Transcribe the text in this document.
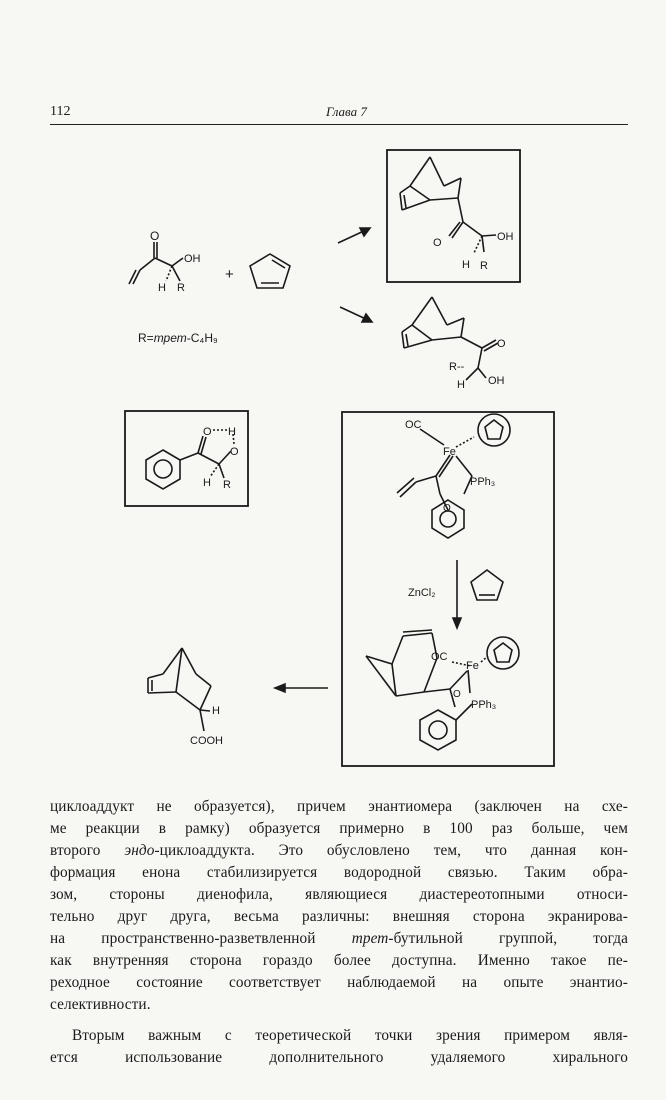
112	Глава 7
O
OH
H R
+
R=трет-C₄H₉
O	OH
H R
O
R--
H OH
O H
O
H R
OC
Fe
PPh₃
O
ZnCl₂
OC
Fe
PPh₃
O
H
COOH
циклоаддукт не образуется), причем энантиомера (заключен на схе-
ме реакции в рамку) образуется примерно в 100 раз больше, чем
второго эндо-циклоаддукта. Это обусловлено тем, что данная кон-
формация енона стабилизируется водородной связью. Таким обра-
зом, стороны диенофила, являющиеся диастереотопными относи-
тельно друг друга, весьма различны: внешняя сторона экранирова-
на пространственно-разветвленной трет-бутильной группой, тогда
как внутренняя сторона гораздо более доступна. Именно такое пе-
реходное состояние соответствует наблюдаемой на опыте энантио-
селективности.
Вторым важным с теоретической точки зрения примером явля-
ется использование дополнительного удаляемого хирального
